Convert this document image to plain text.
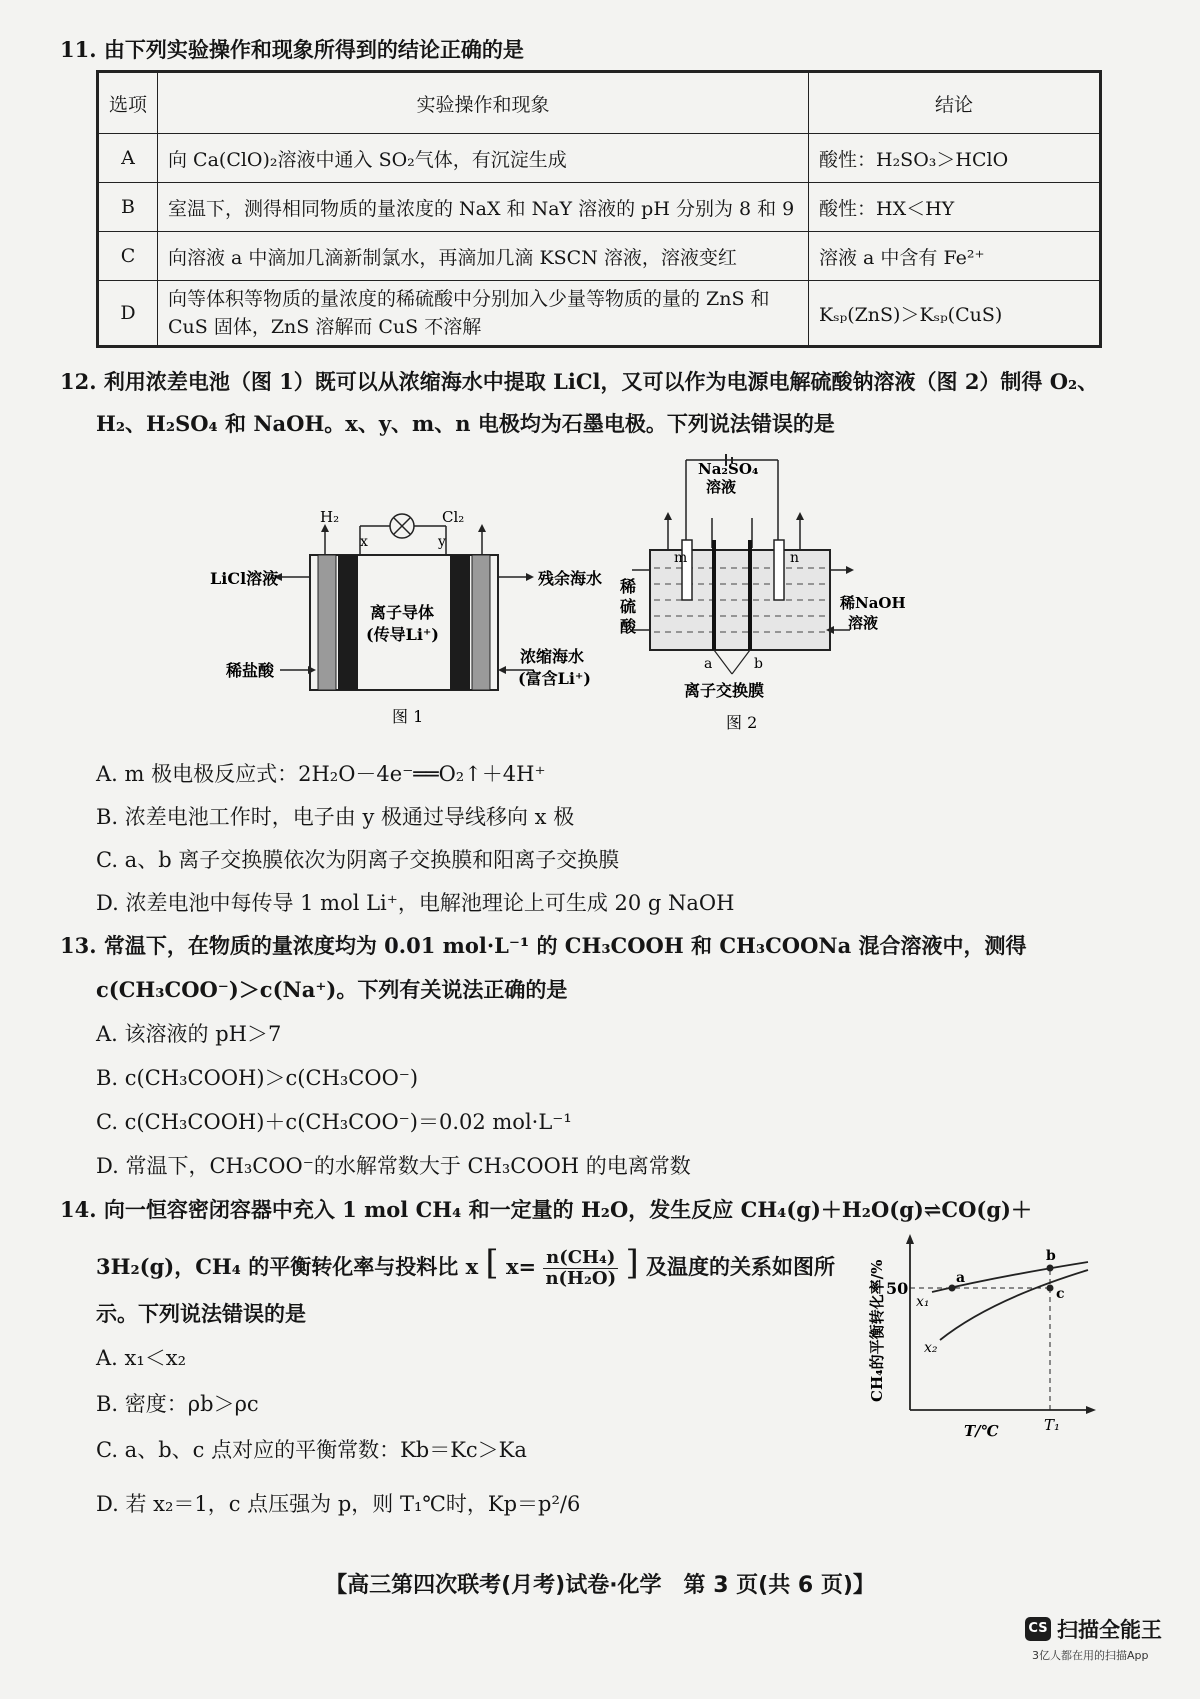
11. 由下列实验操作和现象所得到的结论正确的是
选项	实验操作和现象	结论
A	向 Ca(ClO)₂溶液中通入 SO₂气体，有沉淀生成	酸性：H₂SO₃＞HClO
B	室温下，测得相同物质的量浓度的 NaX 和 NaY 溶液的 pH 分别为 8 和 9	酸性：HX＜HY
C	向溶液 a 中滴加几滴新制氯水，再滴加几滴 KSCN 溶液，溶液变红	溶液 a 中含有 Fe²⁺
D	向等体积等物质的量浓度的稀硫酸中分别加入少量等物质的量的 ZnS 和 CuS 固体，ZnS 溶解而 CuS 不溶解	Kₛₚ(ZnS)＞Kₛₚ(CuS)
12. 利用浓差电池（图 1）既可以从浓缩海水中提取 LiCl，又可以作为电源电解硫酸钠溶液（图 2）制得 O₂、
H₂、H₂SO₄ 和 NaOH。x、y、m、n 电极均为石墨电极。下列说法错误的是
H₂	Cl₂
x	y
LiCl溶液	残余海水
离子导体
(传导Li⁺)
稀盐酸
浓缩海水
(富含Li⁺)
图 1
Na₂SO₄
溶液
m	n
a	b
稀
硫
酸
稀NaOH
溶液
离子交换膜
图 2
A. m 极电极反应式：2H₂O－4e⁻══O₂↑＋4H⁺
B. 浓差电池工作时，电子由 y 极通过导线移向 x 极
C. a、b 离子交换膜依次为阴离子交换膜和阳离子交换膜
D. 浓差电池中每传导 1 mol Li⁺，电解池理论上可生成 20 g NaOH
13. 常温下，在物质的量浓度均为 0.01 mol·L⁻¹ 的 CH₃COOH 和 CH₃COONa 混合溶液中，测得
c(CH₃COO⁻)＞c(Na⁺)。下列有关说法正确的是
A. 该溶液的 pH＞7
B. c(CH₃COOH)＞c(CH₃COO⁻)
C. c(CH₃COOH)＋c(CH₃COO⁻)＝0.02 mol·L⁻¹
D. 常温下，CH₃COO⁻的水解常数大于 CH₃COOH 的电离常数
14. 向一恒容密闭容器中充入 1 mol CH₄ 和一定量的 H₂O，发生反应 CH₄(g)＋H₂O(g)⇌CO(g)＋
3H₂(g)，CH₄ 的平衡转化率与投料比 x [ $x= \frac{\text{n(CH₄)}}{\text{n(H₂O)}}$ ] 及温度的关系如图所
示。下列说法错误的是
A. x₁＜x₂
B. 密度：ρb＞ρc
C. a、b、c 点对应的平衡常数：Kb＝Kc＞Ka
D. 若 x₂＝1，c 点压强为 p，则 T₁℃时，Kp＝p²/6
50
a
b
c
x₁
x₂
T/℃	T₁
CH₄的平衡转化率/%
【高三第四次联考(月考)试卷·化学　第 3 页(共 6 页)】
CS 扫描全能王
3亿人都在用的扫描App
